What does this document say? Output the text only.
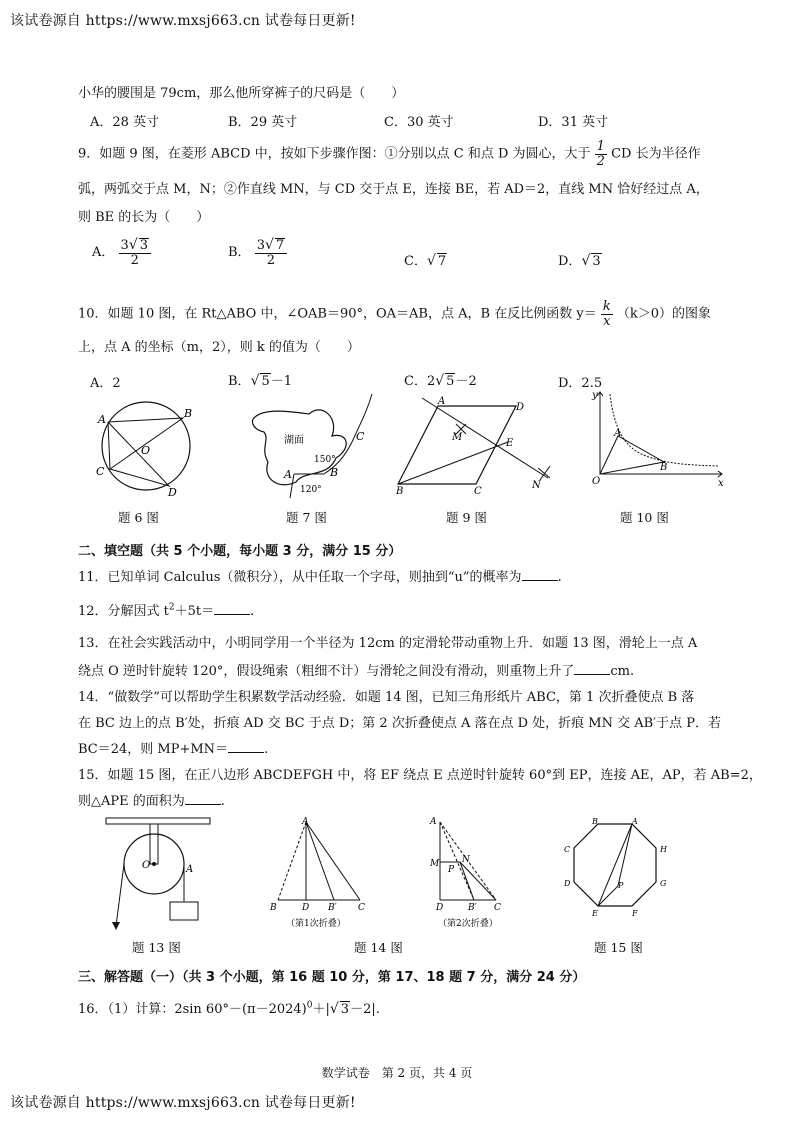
该试卷源自 https://www.mxsj663.cn 试卷每日更新!
小华的腰围是 79cm，那么他所穿裤子的尺码是（　　）
A．28 英寸	B．29 英寸	C．30 英寸	D．31 英寸
9．如题 9 图，在菱形 ABCD 中，按如下步骤作图：①分别以点 C 和点 D 为圆心，大于 $\frac{1}{2}$ CD 长为半径作
弧，两弧交于点 M，N；②作直线 MN，与 CD 交于点 E，连接 BE，若 AD＝2，直线 MN 恰好经过点 A，
则 BE 的长为（　　）
A． $\frac{3√ 3}{2}$	B． $\frac{3√ 7}{2}$	C．√ 7	D．√ 3
10．如题 10 图，在 Rt△ABO 中，∠OAB＝90°，OA＝AB，点 A，B 在反比例函数 $y= \frac{k}{x} (k>0)$的图象
上，点 A 的坐标（m，2），则 k 的值为（　　）
A．2	B．√ 5－1	C．2√ 5－2	D．2.5
A	B
O
C
D
题 6 图
湖面
150°
120°
C
B
A
题 7 图
A
D
M
E
B	C
N
题 9 图
y
A
B
O	x
题 10 图
二、填空题（共 5 个小题，每小题 3 分，满分 15 分）
11．已知单词 Calculus（微积分），从中任取一个字母，则抽到“u”的概率为	.
12．分解因式 $t^2+5t=$	.
13．在社会实践活动中，小明同学用一个半径为 12cm 的定滑轮带动重物上升．如题 13 图，滑轮上一点 A
绕点 O 逆时针旋转 120°，假设绳索（粗细不计）与滑轮之间没有滑动，则重物上升了	cm.
14．“做数学”可以帮助学生积累数学活动经验．如题 14 图，已知三角形纸片 ABC，第 1 次折叠使点 B 落
在 BC 边上的点 B′处，折痕 AD 交 BC 于点 D；第 2 次折叠使点 A 落在点 D 处，折痕 MN 交 AB′于点 P．若
BC＝24，则 MP+MN＝	.
15．如题 15 图，在正八边形 ABCDEFGH 中，将 EF 绕点 E 点逆时针旋转 60°到 EP，连接 AE，AP，若 AB=2，
则△APE 的面积为	.
O	A
题 13 图
A
B	D B′ C
（第1次折叠）
M	N
P
D	B′ C
A
（第2次折叠）
题 14 图
B	A
C	H
D	G
E	F
P
题 15 图
三、解答题（一）（共 3 个小题，第 16 题 10 分，第 17、18 题 7 分，满分 24 分）
16．（1）计算：2sin $60^\circ-(\pi-2024)^0+|√$ 3－2|.
数学试卷　第 2 页，共 4 页
该试卷源自 https://www.mxsj663.cn 试卷每日更新!
